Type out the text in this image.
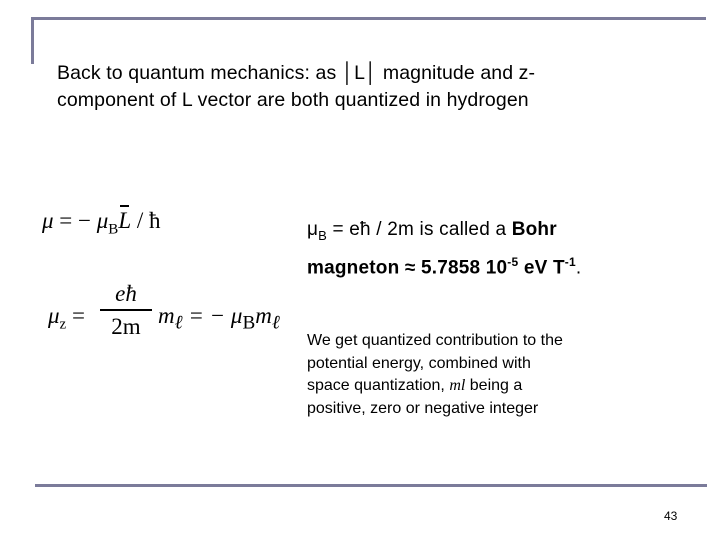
Back to quantum mechanics: as │L│ magnitude and z-
component of L vector are both quantized in hydrogen
μ = − $\mu_BL$ / ħ
$\mu_z$ =
eħ
2m $m_\ell$ = − $\mu_Bm_\ell$
$\mu_B$ = eħ / 2m is called a Bohr
magneton ≈ 5.7858 $10^{-5}$ eV $T^{-1}$.
We get quantized contribution to the
potential energy, combined with
space quantization, ml being a
positive, zero or negative integer
43
